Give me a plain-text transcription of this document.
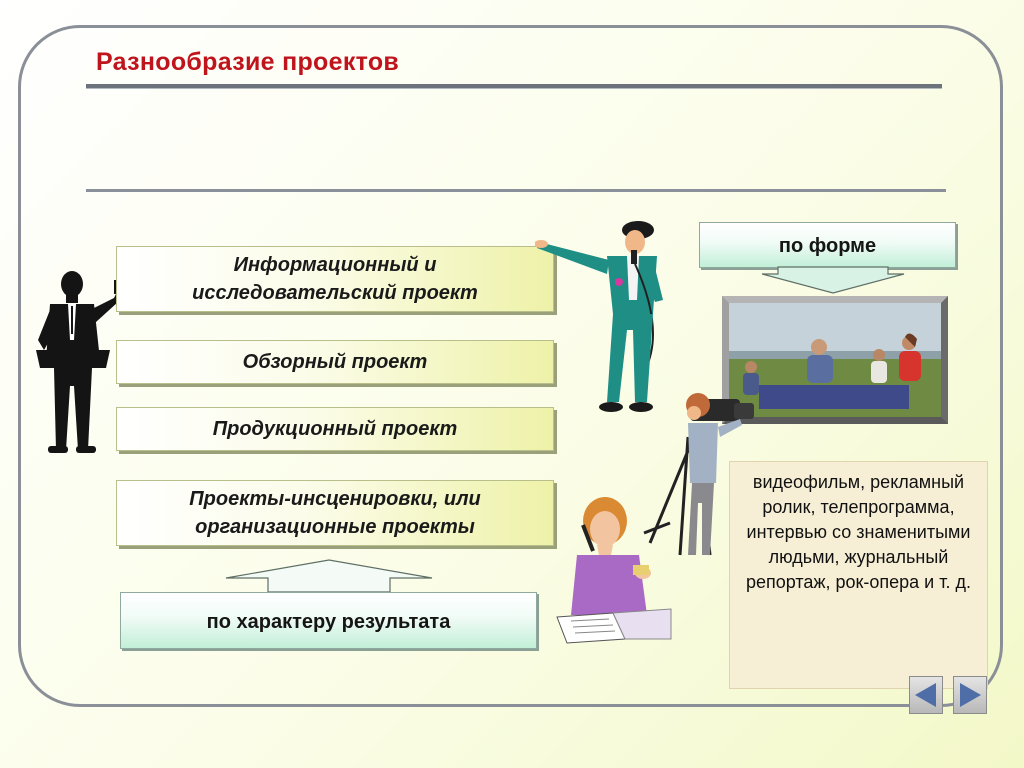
Разнообразие проектов
Информационный и исследовательский проект
Обзорный проект
Продукционный проект
Проекты-инсценировки, или организационные проекты
по характеру результата
по форме
видеофильм, рекламный ролик, телепрограмма, интервью со знаменитыми людьми, журнальный репортаж, рок-опера и т. д.
